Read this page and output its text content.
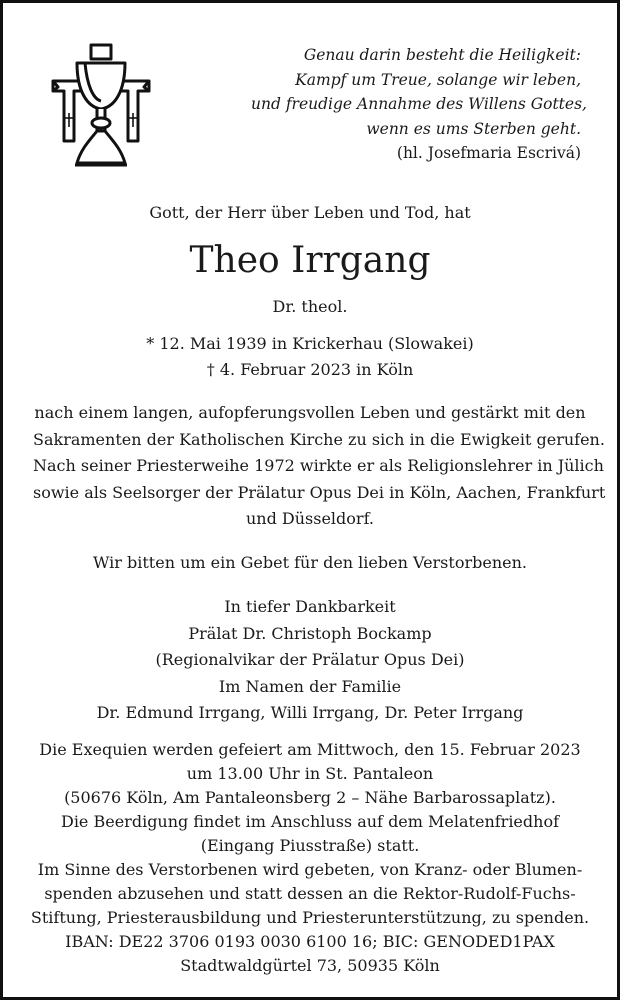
Genau darin besteht die Heiligkeit:
Kampf um Treue, solange wir leben,
und freudige Annahme des Willens Gottes,
wenn es ums Sterben geht.
(hl. Josefmaria Escrivá)
Gott, der Herr über Leben und Tod, hat
Theo Irrgang
Dr. theol.
* 12. Mai 1939 in Krickerhau (Slowakei)
† 4. Februar 2023 in Köln
nach einem langen, aufopferungsvollen Leben und gestärkt mit den
Sakramenten der Katholischen Kirche zu sich in die Ewigkeit gerufen.
Nach seiner Priesterweihe 1972 wirkte er als Religionslehrer in Jülich
sowie als Seelsorger der Prälatur Opus Dei in Köln, Aachen, Frankfurt
und Düsseldorf.
Wir bitten um ein Gebet für den lieben Verstorbenen.
In tiefer Dankbarkeit
Prälat Dr. Christoph Bockamp
(Regionalvikar der Prälatur Opus Dei)
Im Namen der Familie
Dr. Edmund Irrgang, Willi Irrgang, Dr. Peter Irrgang
Die Exequien werden gefeiert am Mittwoch, den 15. Februar 2023
um 13.00 Uhr in St. Pantaleon
(50676 Köln, Am Pantaleonsberg 2 – Nähe Barbarossaplatz).
Die Beerdigung findet im Anschluss auf dem Melatenfriedhof
(Eingang Piusstraße) statt.
Im Sinne des Verstorbenen wird gebeten, von Kranz- oder Blumen-
spenden abzusehen und statt dessen an die Rektor-Rudolf-Fuchs-
Stiftung, Priesterausbildung und Priesterunterstützung, zu spenden.
IBAN: DE22 3706 0193 0030 6100 16; BIC: GENODED1PAX
Stadtwaldgürtel 73, 50935 Köln
